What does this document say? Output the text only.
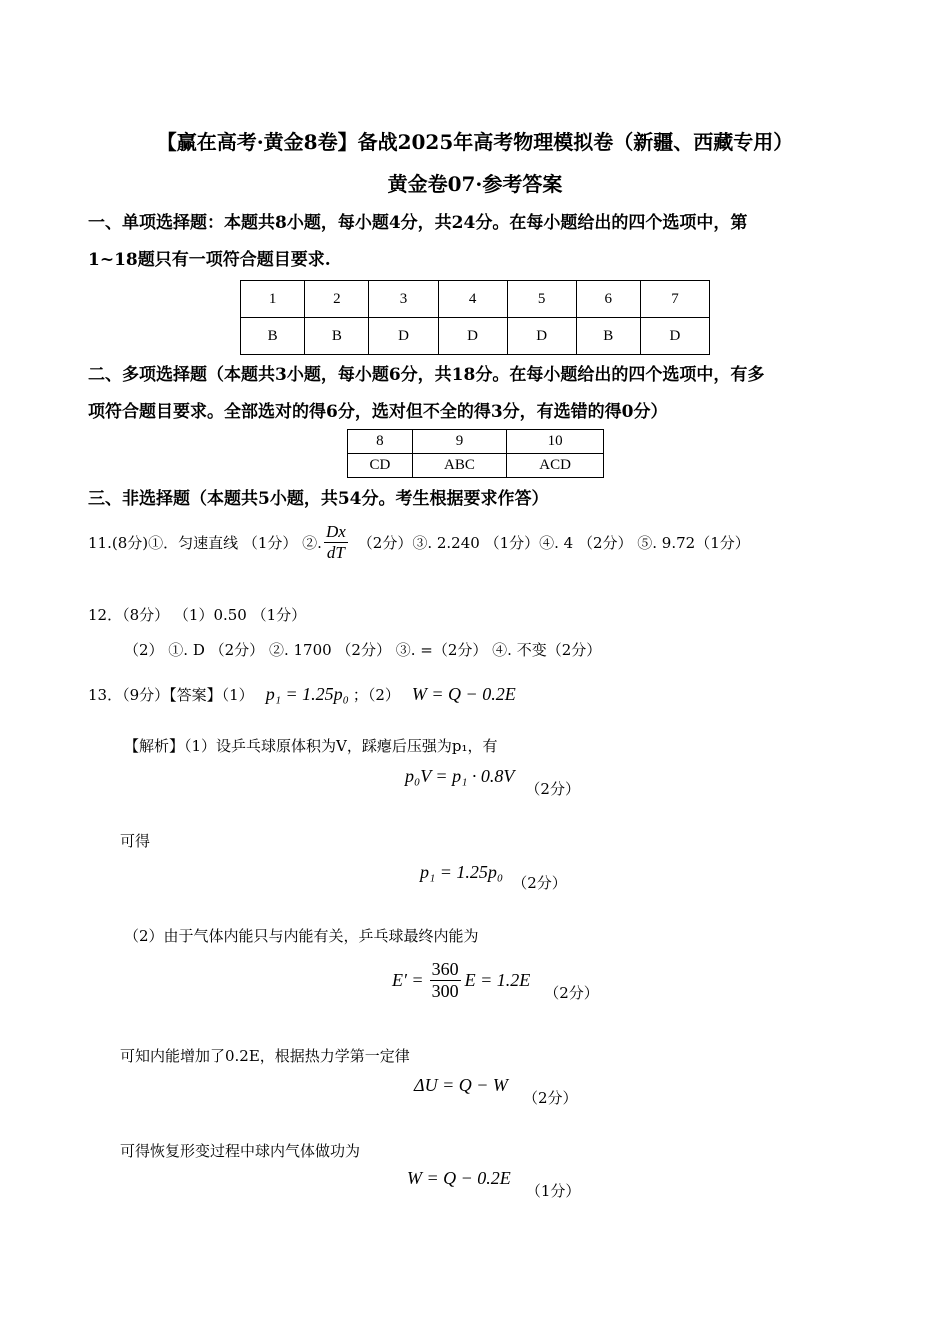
【赢在高考·黄金8卷】备战2025年高考物理模拟卷（新疆、西藏专用）
黄金卷07·参考答案
一、单项选择题：本题共8小题，每小题4分，共24分。在每小题给出的四个选项中，第
1~18题只有一项符合题目要求.
1	2	3	4	5	6	7
B	B	D	D	D	B	D
二、多项选择题（本题共3小题，每小题6分，共18分。在每小题给出的四个选项中，有多
项符合题目要求。全部选对的得6分，选对但不全的得3分，有选错的得0分）
8	9	10
CD	ABC	ACD
三、非选择题（本题共5小题，共54分。考生根据要求作答）
11.(8分)①．匀速直线 （1分） ②. $\frac{Dx}{dT} (2$分）③. 2.240 （1分）④. 4 （2分） ⑤. 9.72（1分）
12．（8分） （1）0.50 （1分）
（2） ①. D （2分） ②. 1700 （2分） ③. =（2分） ④. 不变（2分）
13．（9分）【答案】（1） p₁ = 1.25p₀ ；（2） W = Q − 0.2E
【解析】（1）设乒乓球原体积为V，踩瘪后压强为p₁，有
p₀V = p₁ · 0.8V （2分）
可得
p₁ = 1.25p₀ （2分）
（2）由于气体内能只与内能有关，乒乓球最终内能为
$E' = \frac{360}{300}$ E = 1.2E
（2分）
可知内能增加了0.2E，根据热力学第一定律
ΔU = Q − W （2分）
可得恢复形变过程中球内气体做功为
W = Q − 0.2E （1分）
